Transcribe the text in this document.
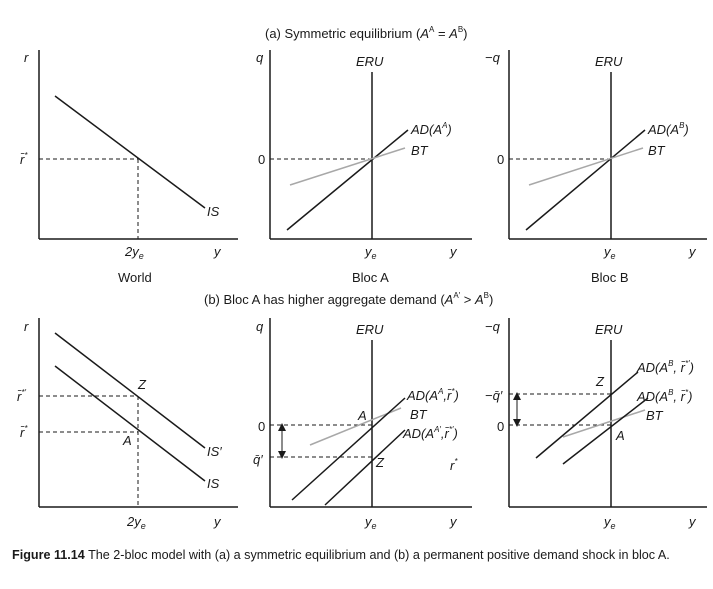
(a) Symmetric equilibrium $(A^A = A^B)$
r
y
r̄*
$2y_e$
IS
World
q
0
ERU
$AD(A^A)$
BT
$y_e$	y
Bloc A
−q
0
ERU
$AD(A^B)$
BT
$y_e$	y
Bloc B
(b) Bloc A has higher aggregate demand $(A^{A'} > A^B)$
r
y
r̄*′
r̄*
Z
A
IS′
IS
$2y_e$
q
0
q̄′
ERU
A
Z
$AD(A^A,r̄^*)$
BT
$AD(A^{A'},r̄^{*'})$
r*
$y_e$	y
−q
−q̄′
0
ERU
Z
A
$AD(A^B$, r̄*′)
$AD(A^B$, r̄*)
BT
$y_e$	y
Figure 11.14 The 2-bloc model with (a) a symmetric equilibrium and (b) a permanent positive demand shock in bloc A.
